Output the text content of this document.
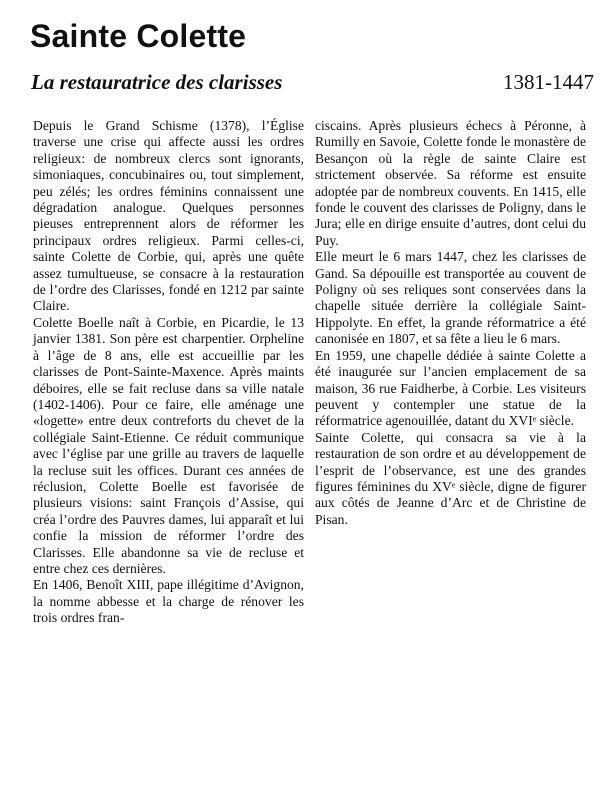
Sainte Colette
La restauratrice des clarisses	1381-1447

Depuis le Grand Schisme (1378), l’Église traverse une crise qui affecte aussi les ordres religieux: de nombreux clercs sont ignorants, simoniaques, concubinaires ou, tout simplement, peu zélés; les ordres féminins connaissent une dégradation analogue. Quelques personnes pieuses entreprennent alors de réformer les principaux ordres religieux. Parmi celles-ci, sainte Colette de Corbie, qui, après une quête assez tumultueuse, se consacre à la restauration de l’ordre des Clarisses, fondé en 1212 par sainte Claire.

Colette Boelle naît à Corbie, en Picardie, le 13 janvier 1381. Son père est charpentier. Orpheline à l’âge de 8 ans, elle est accueillie par les clarisses de Pont-Sainte-Maxence. Après maints déboires, elle se fait recluse dans sa ville natale (1402-1406). Pour ce faire, elle aménage une «logette» entre deux contreforts du chevet de la collégiale Saint-Etienne. Ce réduit communique avec l’église par une grille au travers de laquelle la recluse suit les offices. Durant ces années de réclusion, Colette Boelle est favorisée de plusieurs visions: saint François d’Assise, qui créa l’ordre des Pauvres dames, lui apparaît et lui confie la mission de réformer l’ordre des Clarisses. Elle abandonne sa vie de recluse et entre chez ces dernières.

En 1406, Benoît XIII, pape illégitime d’Avignon, la nomme abbesse et la charge de rénover les trois ordres fran-

ciscains. Après plusieurs échecs à Péronne, à Rumilly en Savoie, Colette fonde le monastère de Besançon où la règle de sainte Claire est strictement observée. Sa réforme est ensuite adoptée par de nombreux couvents. En 1415, elle fonde le couvent des clarisses de Poligny, dans le Jura; elle en dirige ensuite d’autres, dont celui du Puy.

Elle meurt le 6 mars 1447, chez les clarisses de Gand. Sa dépouille est transportée au couvent de Poligny où ses reliques sont conservées dans la chapelle située derrière la collégiale Saint-Hippolyte. En effet, la grande réformatrice a été canonisée en 1807, et sa fête a lieu le 6 mars.

En 1959, une chapelle dédiée à sainte Colette a été inaugurée sur l’ancien emplacement de sa maison, 36 rue Faidherbe, à Corbie. Les visiteurs peuvent y contempler une statue de la réformatrice agenouillée, datant du XVIᵉ siècle.

Sainte Colette, qui consacra sa vie à la restauration de son ordre et au développement de l’esprit de l’observance, est une des grandes figures féminines du XVᵉ siècle, digne de figurer aux côtés de Jeanne d’Arc et de Christine de Pisan.
